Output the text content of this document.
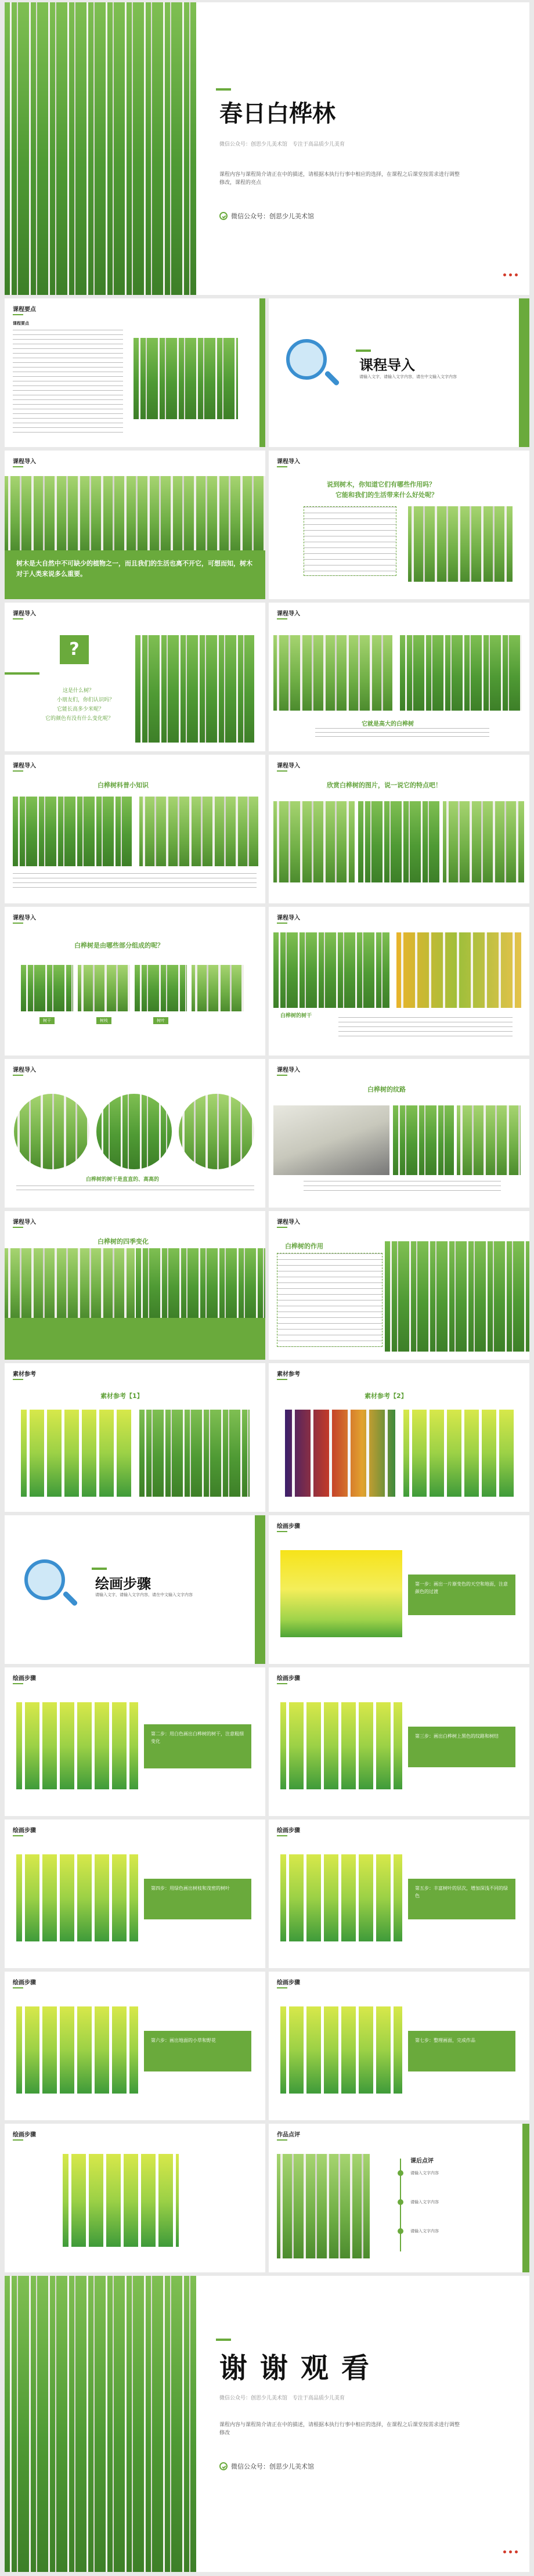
春日白桦林
微信公众号：创思少儿美术馆　专注于高品质少儿美育
课程内容与课程简介请正在中的描述，请根据本执行行事中相应的选择，在课程之后课堂按需求进行调整修改，课程的亮点
微信公众号：创思少儿美术馆
课程要点
课程要点
课程导入
请输入文字，请输入文字内容，请在中文输入文字内容
课程导入
树木是大自然中不可缺少的植物之一，而且我们的生活也离不开它，可想而知，树木对于人类来说多么重要。
课程导入
说到树木，你知道它们有哪些作用吗？
它能和我们的生活带来什么好处呢？
课程导入
?
这是什么树？
小朋友们，你们认识吗？
它能长高多少米呢？
它的颜色有没有什么变化呢？
课程导入
它就是高大的白桦树
课程导入
白桦树科普小知识
课程导入
欣赏白桦树的图片，说一说它的特点吧！
课程导入
白桦树是由哪些部分组成的呢？
树干	树枝	树叶
课程导入
白桦树的树干
课程导入
白桦树的树干是直直的、高高的
课程导入
白桦树的纹路
课程导入
白桦树的四季变化
课程导入
白桦树的作用
素材参考
素材参考【1】
素材参考
素材参考【2】
绘画步骤
请输入文字，请输入文字内容，请在中文输入文字内容
绘画步骤
第一步：画出一片渐变色的天空和地面，注意颜色的过渡
绘画步骤
第二步：用白色画出白桦树的树干，注意粗细变化
绘画步骤
第三步：画出白桦树上黑色的纹路和树结
绘画步骤
第四步：用绿色画出树枝和茂密的树叶
绘画步骤
第五步：丰富树叶的层次，增加深浅不同的绿色
绘画步骤
第六步：画出地面的小草和野花
绘画步骤
第七步：整理画面，完成作品
绘画步骤	作品点评
课后点评
请输入文字内容
请输入文字内容
请输入文字内容
谢谢观看
微信公众号：创思少儿美术馆　专注于高品质少儿美育
课程内容与课程简介请正在中的描述，请根据本执行行事中相应的选择，在课程之后课堂按需求进行调整修改
微信公众号：创思少儿美术馆
